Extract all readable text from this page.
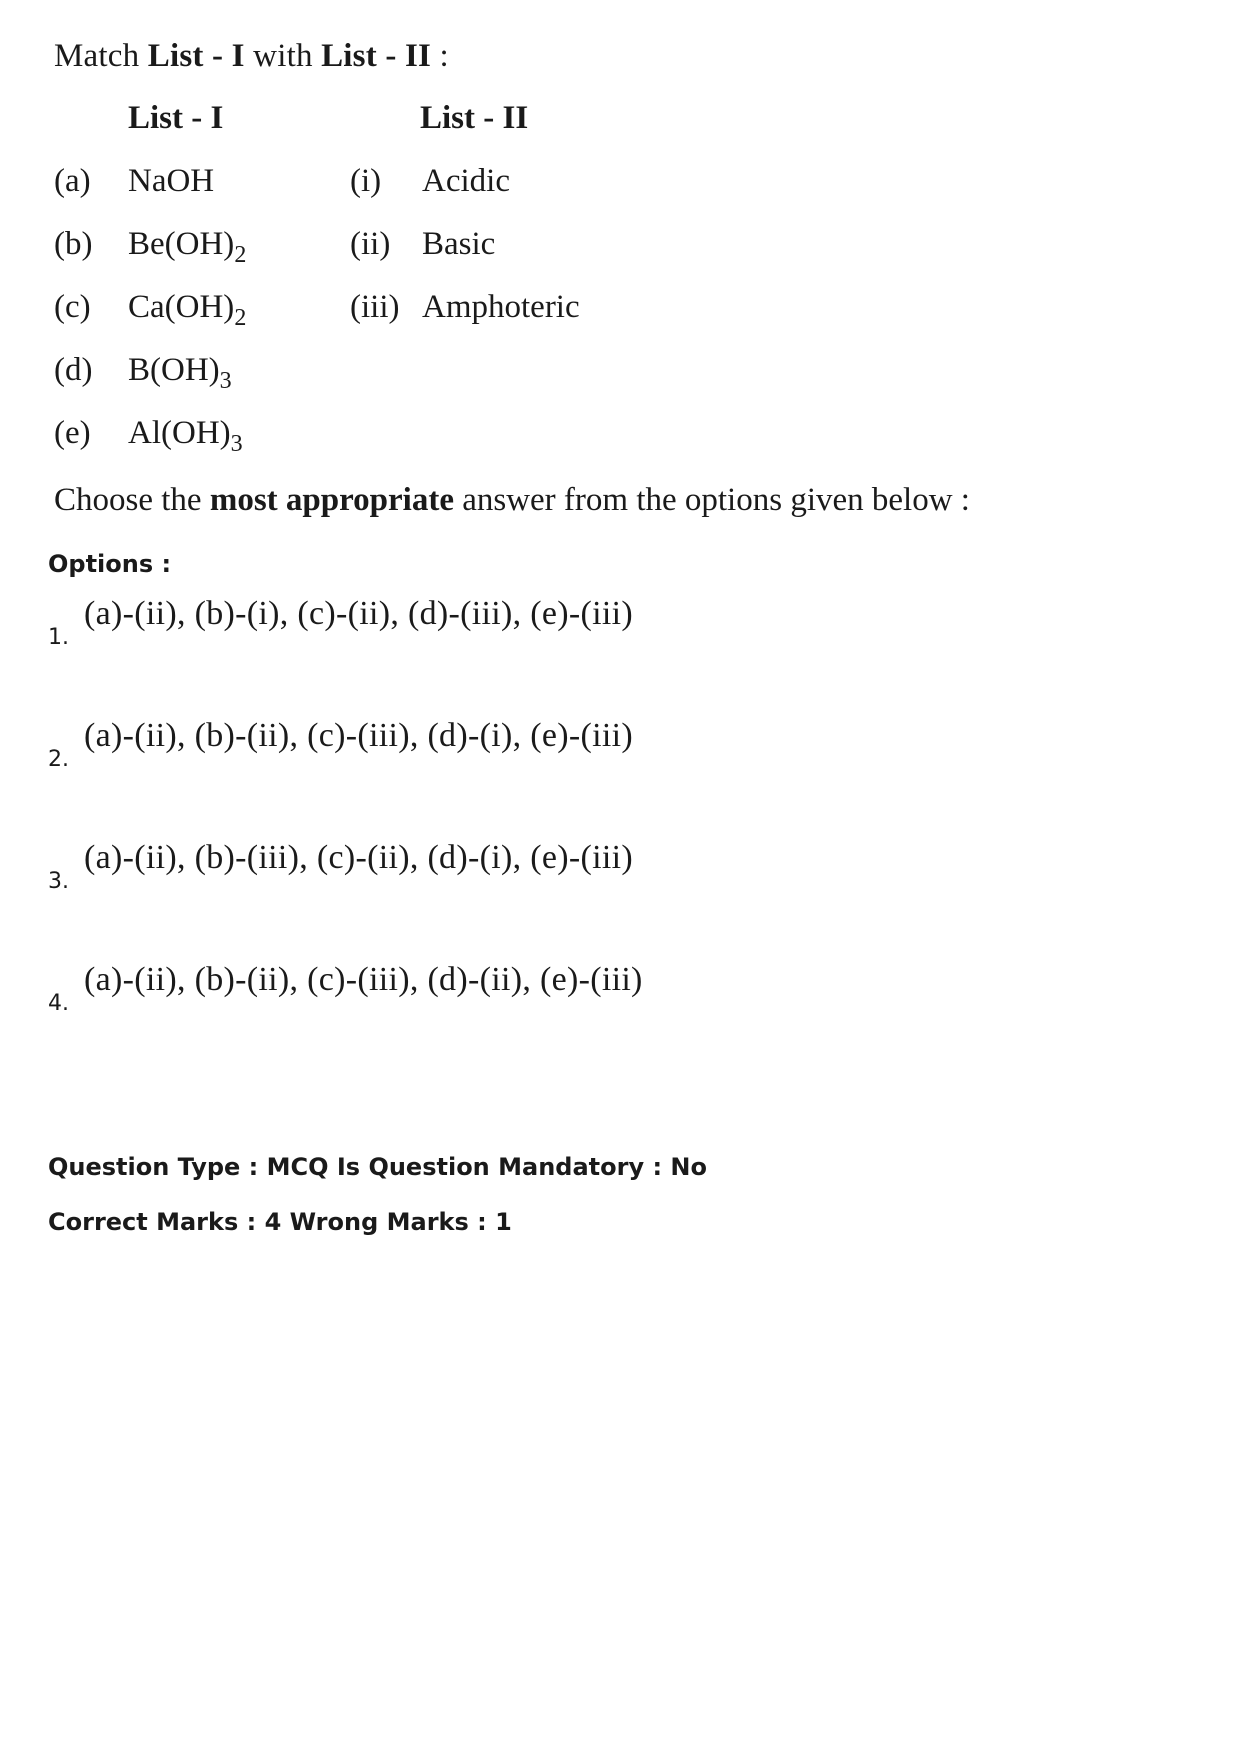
Match List - I with List - II :
List - I	List - II
(a) NaOH
(b) $Be(OH)_2$
(c) $Ca(OH)_2$
(d) $B(OH)_3$
(e) $Al(OH)_3$
(i) Acidic
(ii) Basic
(iii) Amphoteric
Choose the most appropriate answer from the options given below :
Options :
1.
(a)-(ii), (b)-(i), (c)-(ii), (d)-(iii), (e)-(iii)
2.
(a)-(ii), (b)-(ii), (c)-(iii), (d)-(i), (e)-(iii)
3.
(a)-(ii), (b)-(iii), (c)-(ii), (d)-(i), (e)-(iii)
4.
(a)-(ii), (b)-(ii), (c)-(iii), (d)-(ii), (e)-(iii)
Question Type : MCQ Is Question Mandatory : No
Correct Marks : 4 Wrong Marks : 1
